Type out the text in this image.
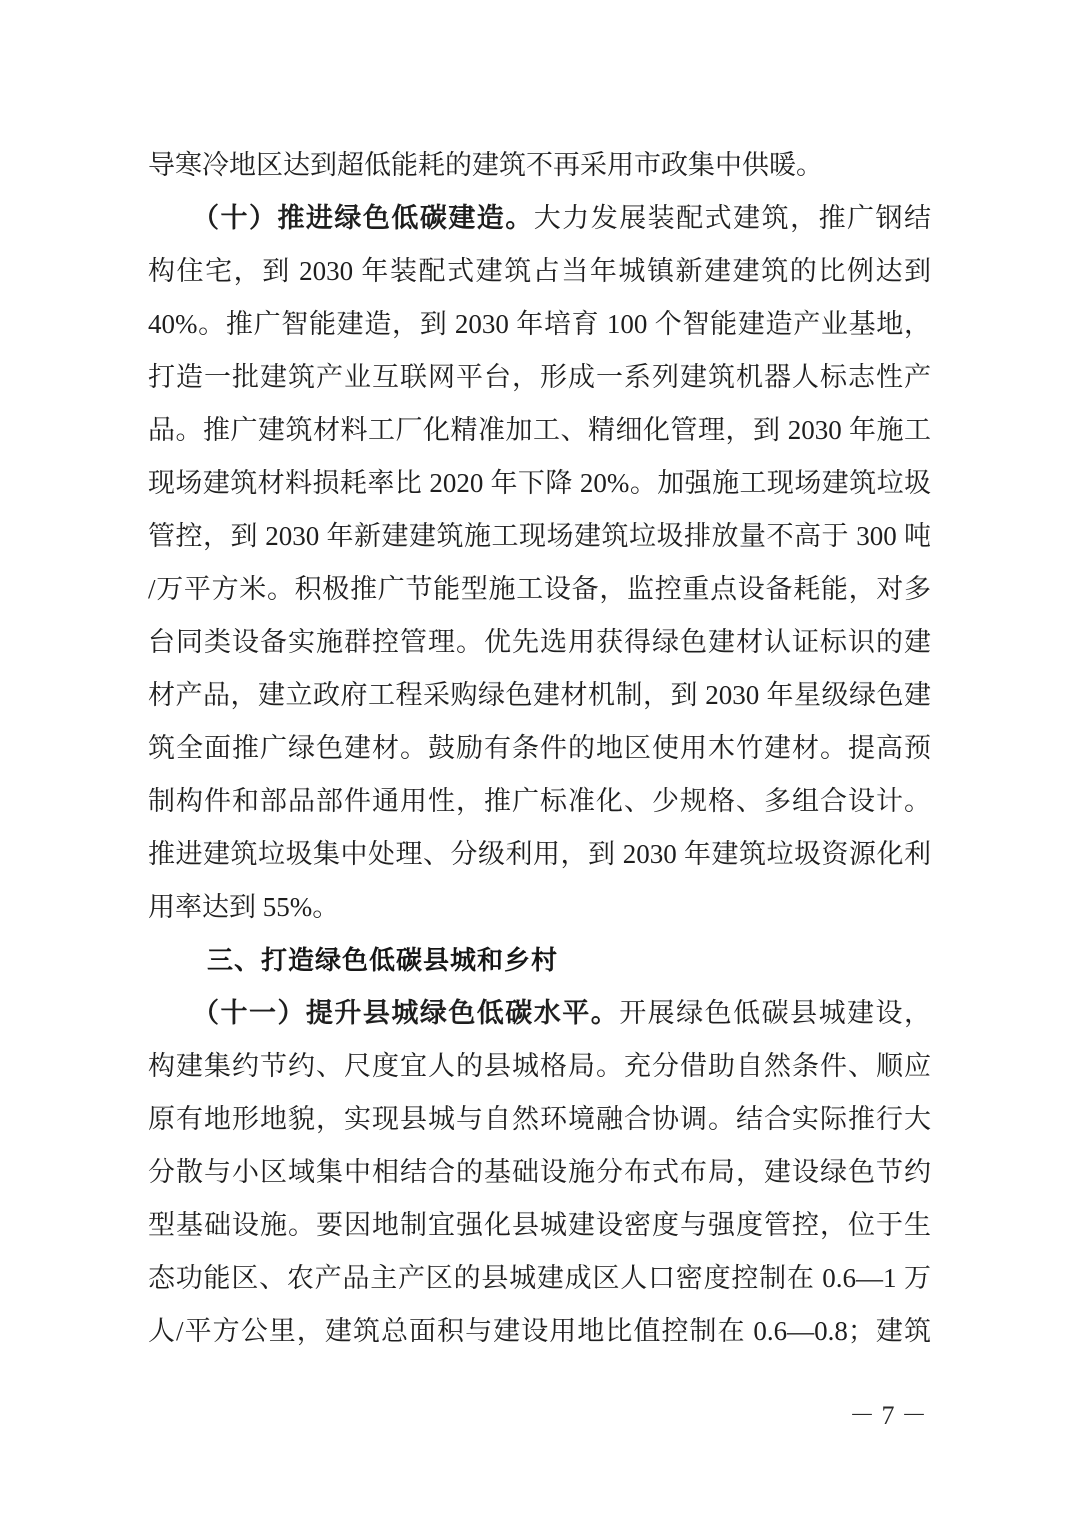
导寒冷地区达到超低能耗的建筑不再采用市政集中供暖。
（十）推进绿色低碳建造。大力发展装配式建筑，推广钢结
构住宅，到 2030 年装配式建筑占当年城镇新建建筑的比例达到
40%。推广智能建造，到 2030 年培育 100 个智能建造产业基地，
打造一批建筑产业互联网平台，形成一系列建筑机器人标志性产
品。推广建筑材料工厂化精准加工、精细化管理，到 2030 年施工
现场建筑材料损耗率比 2020 年下降 20%。加强施工现场建筑垃圾
管控，到 2030 年新建建筑施工现场建筑垃圾排放量不高于 300 吨
/万平方米。积极推广节能型施工设备，监控重点设备耗能，对多
台同类设备实施群控管理。优先选用获得绿色建材认证标识的建
材产品，建立政府工程采购绿色建材机制，到 2030 年星级绿色建
筑全面推广绿色建材。鼓励有条件的地区使用木竹建材。提高预
制构件和部品部件通用性，推广标准化、少规格、多组合设计。
推进建筑垃圾集中处理、分级利用，到 2030 年建筑垃圾资源化利
用率达到 55%。
三、打造绿色低碳县城和乡村
（十一）提升县城绿色低碳水平。开展绿色低碳县城建设，
构建集约节约、尺度宜人的县城格局。充分借助自然条件、顺应
原有地形地貌，实现县城与自然环境融合协调。结合实际推行大
分散与小区域集中相结合的基础设施分布式布局，建设绿色节约
型基础设施。要因地制宜强化县城建设密度与强度管控，位于生
态功能区、农产品主产区的县城建成区人口密度控制在 0.6—1 万
人/平方公里，建筑总面积与建设用地比值控制在 0.6—0.8；建筑
－ 7 －
